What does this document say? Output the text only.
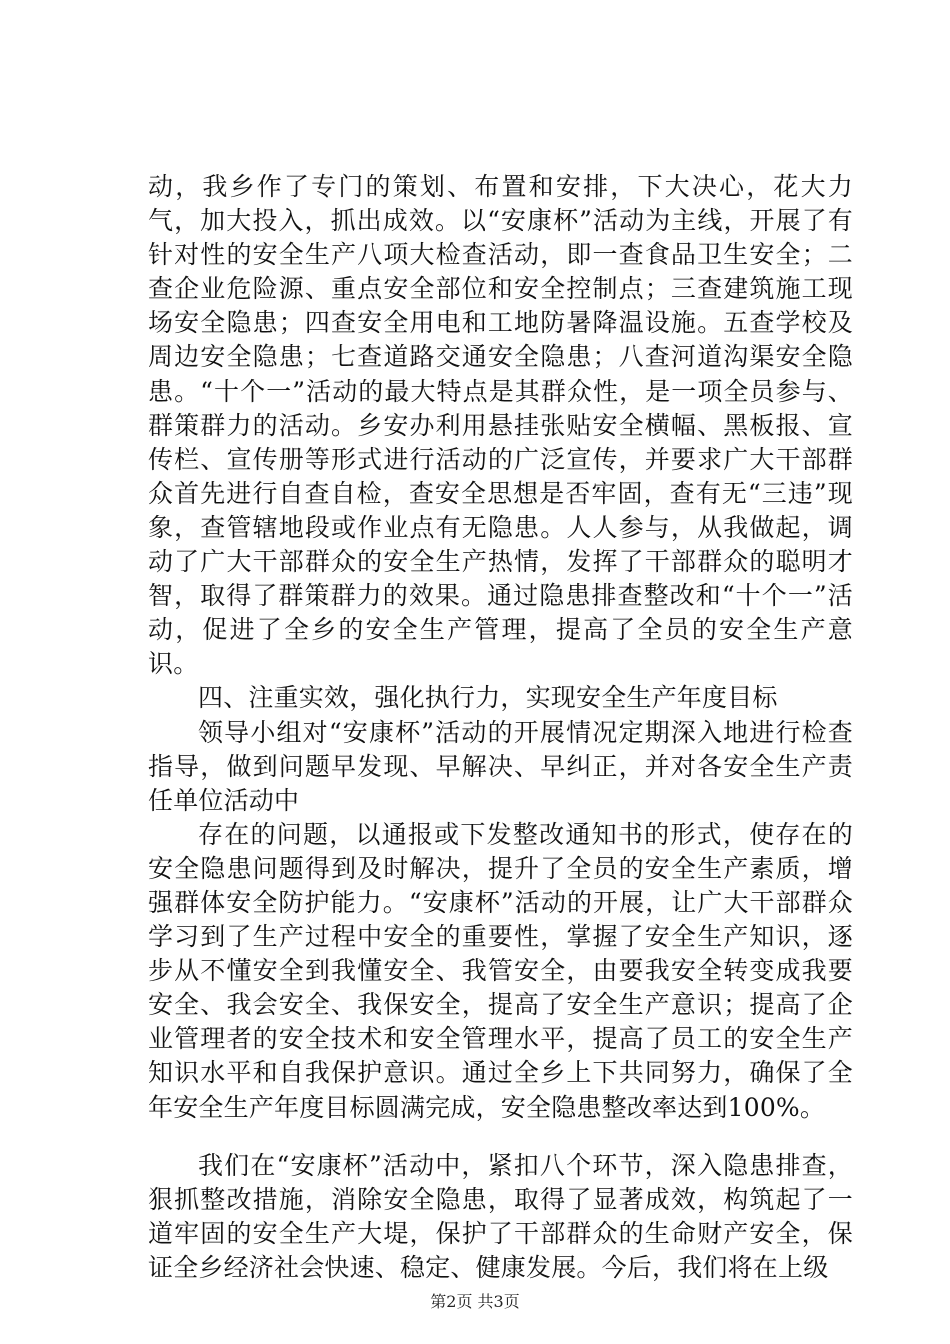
动，我乡作了专门的策划、布置和安排，下大决心，花大力气，加大投入，抓出成效。以“安康杯”活动为主线，开展了有针对性的安全生产八项大检查活动，即一查食品卫生安全；二查企业危险源、重点安全部位和安全控制点；三查建筑施工现场安全隐患；四查安全用电和工地防暑降温设施。五查学校及周边安全隐患；七查道路交通安全隐患；八查河道沟渠安全隐患。“十个一”活动的最大特点是其群众性，是一项全员参与、群策群力的活动。乡安办利用悬挂张贴安全横幅、黑板报、宣传栏、宣传册等形式进行活动的广泛宣传，并要求广大干部群众首先进行自查自检，查安全思想是否牢固，查有无“三违”现象，查管辖地段或作业点有无隐患。人人参与，从我做起，调动了广大干部群众的安全生产热情，发挥了干部群众的聪明才智，取得了群策群力的效果。通过隐患排查整改和“十个一”活动，促进了全乡的安全生产管理，提高了全员的安全生产意识。

四、注重实效，强化执行力，实现安全生产年度目标

领导小组对“安康杯”活动的开展情况定期深入地进行检查指导，做到问题早发现、早解决、早纠正，并对各安全生产责任单位活动中

存在的问题，以通报或下发整改通知书的形式，使存在的安全隐患问题得到及时解决，提升了全员的安全生产素质，增强群体安全防护能力。“安康杯”活动的开展，让广大干部群众学习到了生产过程中安全的重要性，掌握了安全生产知识，逐步从不懂安全到我懂安全、我管安全，由要我安全转变成我要安全、我会安全、我保安全，提高了安全生产意识；提高了企业管理者的安全技术和安全管理水平，提高了员工的安全生产知识水平和自我保护意识。通过全乡上下共同努力，确保了全年安全生产年度目标圆满完成，安全隐患整改率达到100%。

我们在“安康杯”活动中，紧扣八个环节，深入隐患排查，狠抓整改措施，消除安全隐患，取得了显著成效，构筑起了一道牢固的安全生产大堤，保护了干部群众的生命财产安全，保证全乡经济社会快速、稳定、健康发展。今后，我们将在上级

第2页 共3页
